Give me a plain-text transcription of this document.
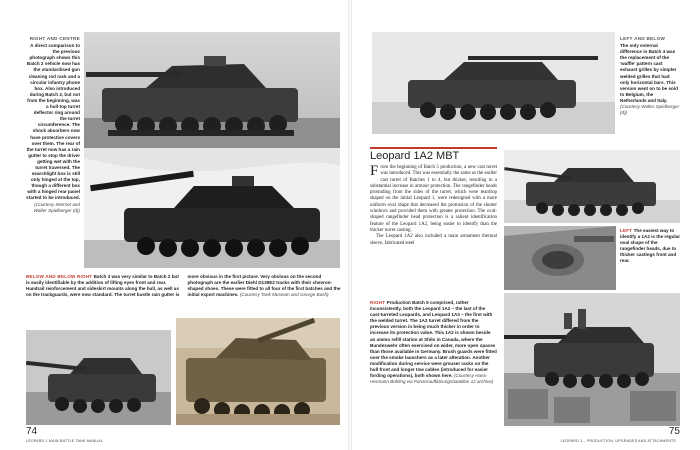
RIGHT AND CENTRE
A direct comparison to the previous photograph shows this Batch 2 vehicle now has the standardised gun cleaning rod rack and a circular infantry phone box. Also introduced during Batch 2, but not from the beginning, was a hull-top turret deflector ring around the turret circumference. The shock absorbers now have protective covers over them. The rear of the turret now has a rain gutter to stop the driver getting wet with the turret traversed. The searchlight box is still only hinged at the top, though a different box with a hinged rear panel started to be introduced. (Courtesy Internet and Walter Spielberger (d))
BELOW AND BELOW RIGHT Batch 3 was very similar to Batch 2 but is easily identifiable by the addition of lifting eyes front and rear. Handrail reinforcement and sideskirt mounts along the hull, as well as on the trackguards, were now standard. The turret bustle rain gutter is more obvious in the first picture. Very obvious on the second photograph are the earlier Diehl D139E2 tracks with their chevron-shaped shoes. These were fitted to all four of the first batches and the initial export machines. (Courtesy Tank Museum and George Bush)
74
LEOPARD 1 MAIN BATTLE TANK MANUAL
LEFT AND BELOW
The only external difference in Batch 4 was the replacement of the 'waffle' pattern cast exhaust grilles by simpler welded grilles that had only horizontal bars. This version went on to be sold to Belgium, the Netherlands and Italy. (Courtesy Walter Spielberger (d))
Leopard 1A2 MBT
F rom the beginning of Batch 5 production, a new cast turret was introduced. This was essentially the same as the earlier cast turret of Batches 1 to 4, but thicker, resulting in a substantial increase in armour protection. The rangefinder heads protruding from the sides of the turret, which were teardrop shaped on the initial Leopard 1, were redesigned with a more uniform oval shape that decreased the protrusion of the shutter windows and provided them with greater protection. The oval-shaped rangefinder head protection is a salient identification feature of the Leopard 1A2, being easier to identify than the thicker turret casting.
The Leopard 1A2 also included a main armament thermal sleeve, fabricated steel
LEFT The easiest way to identify a 1A2 is the regular oval shape of the rangefinder heads, due to thicker castings front and rear.
RIGHT Production Batch 5 comprised, rather inconsistently, both the Leopard 1A2 – the last of the cast-turreted Leopards, and Leopard 1A3 – the first with the welded turret. The 1A2 turret differed from the previous version in being much thicker in order to increase its protection value. This 1A2 is shown beside an ammo refill station at Shilo in Canada, where the Bundeswehr often exercised on wider, more open spaces than those available in Germany. Brush guards were fitted over the smoke launchers as a later alteration. Another modification during service were grouser racks on the hull front and longer tow cables (introduced for easier fording operations), both shown here. (Courtesy Hans-Hermann Bühling via Panzeraufklärungsbataillon 12 archive)
LEOPARD 1 – PRODUCTION, UPGRADES AND ATTACHMENTS
75
